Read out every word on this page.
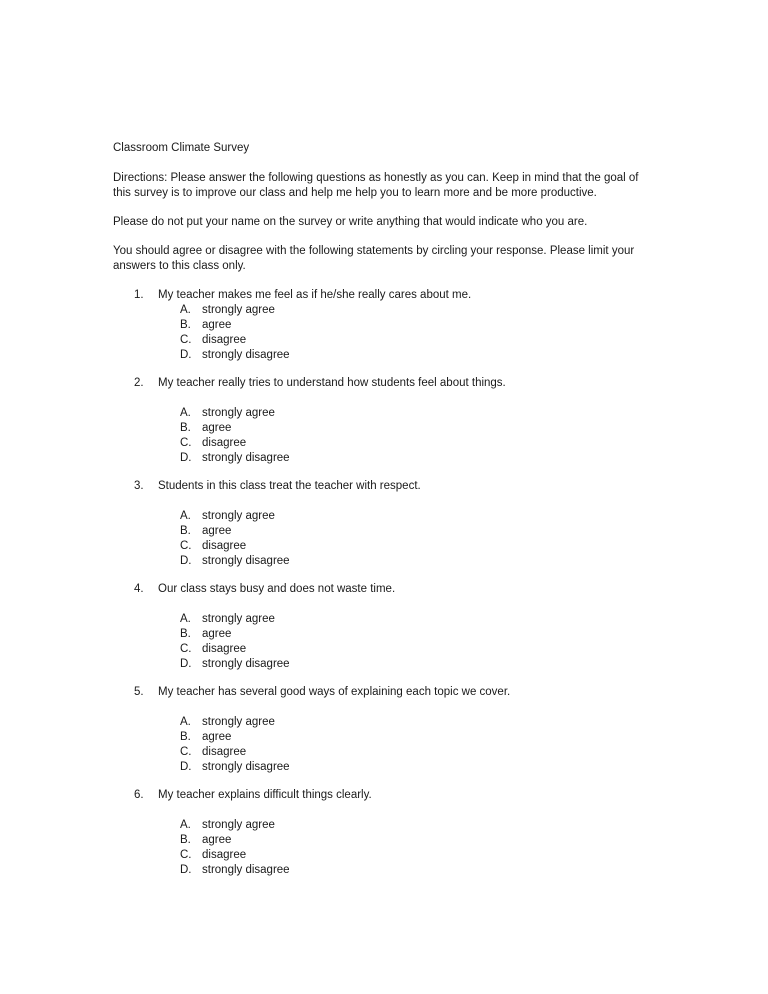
Classroom Climate Survey

Directions: Please answer the following questions as honestly as you can. Keep in mind that the goal of this survey is to improve our class and help me help you to learn more and be more productive.

Please do not put your name on the survey or write anything that would indicate who you are.

You should agree or disagree with the following statements by circling your response. Please limit your answers to this class only.

1.	My teacher makes me feel as if he/she really cares about me.
A. strongly agree
B. agree
C. disagree
D. strongly disagree
2.	My teacher really tries to understand how students feel about things.
A. strongly agree
B. agree
C. disagree
D. strongly disagree
3.	Students in this class treat the teacher with respect.
A. strongly agree
B. agree
C. disagree
D. strongly disagree
4.	Our class stays busy and does not waste time.
A. strongly agree
B. agree
C. disagree
D. strongly disagree
5.	My teacher has several good ways of explaining each topic we cover.
A. strongly agree
B. agree
C. disagree
D. strongly disagree
6.	My teacher explains difficult things clearly.
A. strongly agree
B. agree
C. disagree
D. strongly disagree
